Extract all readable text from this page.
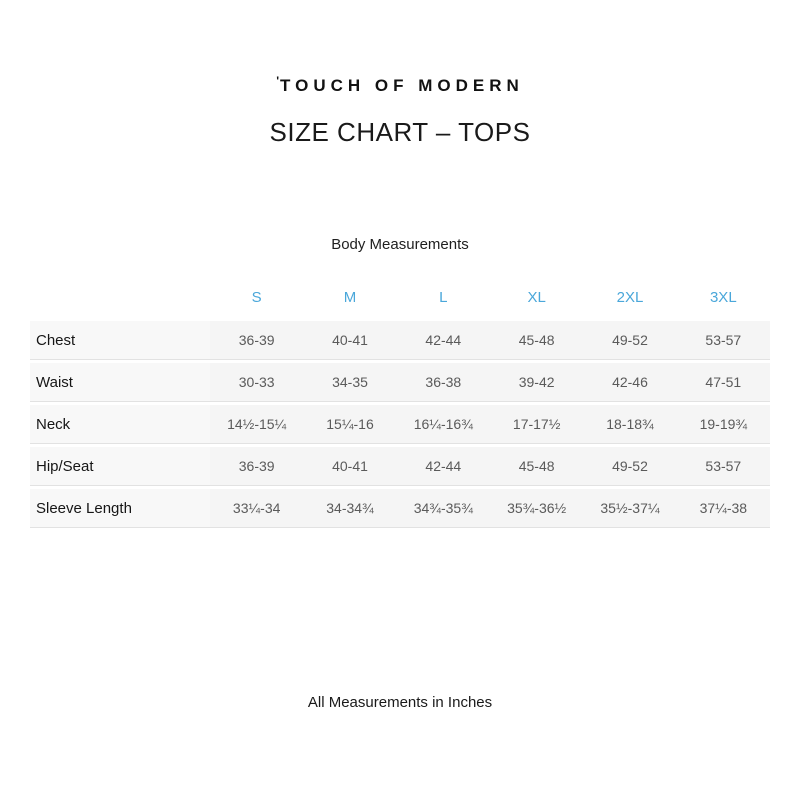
'TOUCH OF MODERN
SIZE CHART – TOPS
Body Measurements
	S	M	L	XL	2XL	3XL
Chest	36-39	40-41	42-44	45-48	49-52	53-57
Waist	30-33	34-35	36-38	39-42	42-46	47-51
Neck	14½-15¼	15¼-16	16¼-16¾	17-17½	18-18¾	19-19¾
Hip/Seat	36-39	40-41	42-44	45-48	49-52	53-57
Sleeve Length	33¼-34	34-34¾	34¾-35¾	35¾-36½	35½-37¼	37¼-38
All Measurements in Inches
